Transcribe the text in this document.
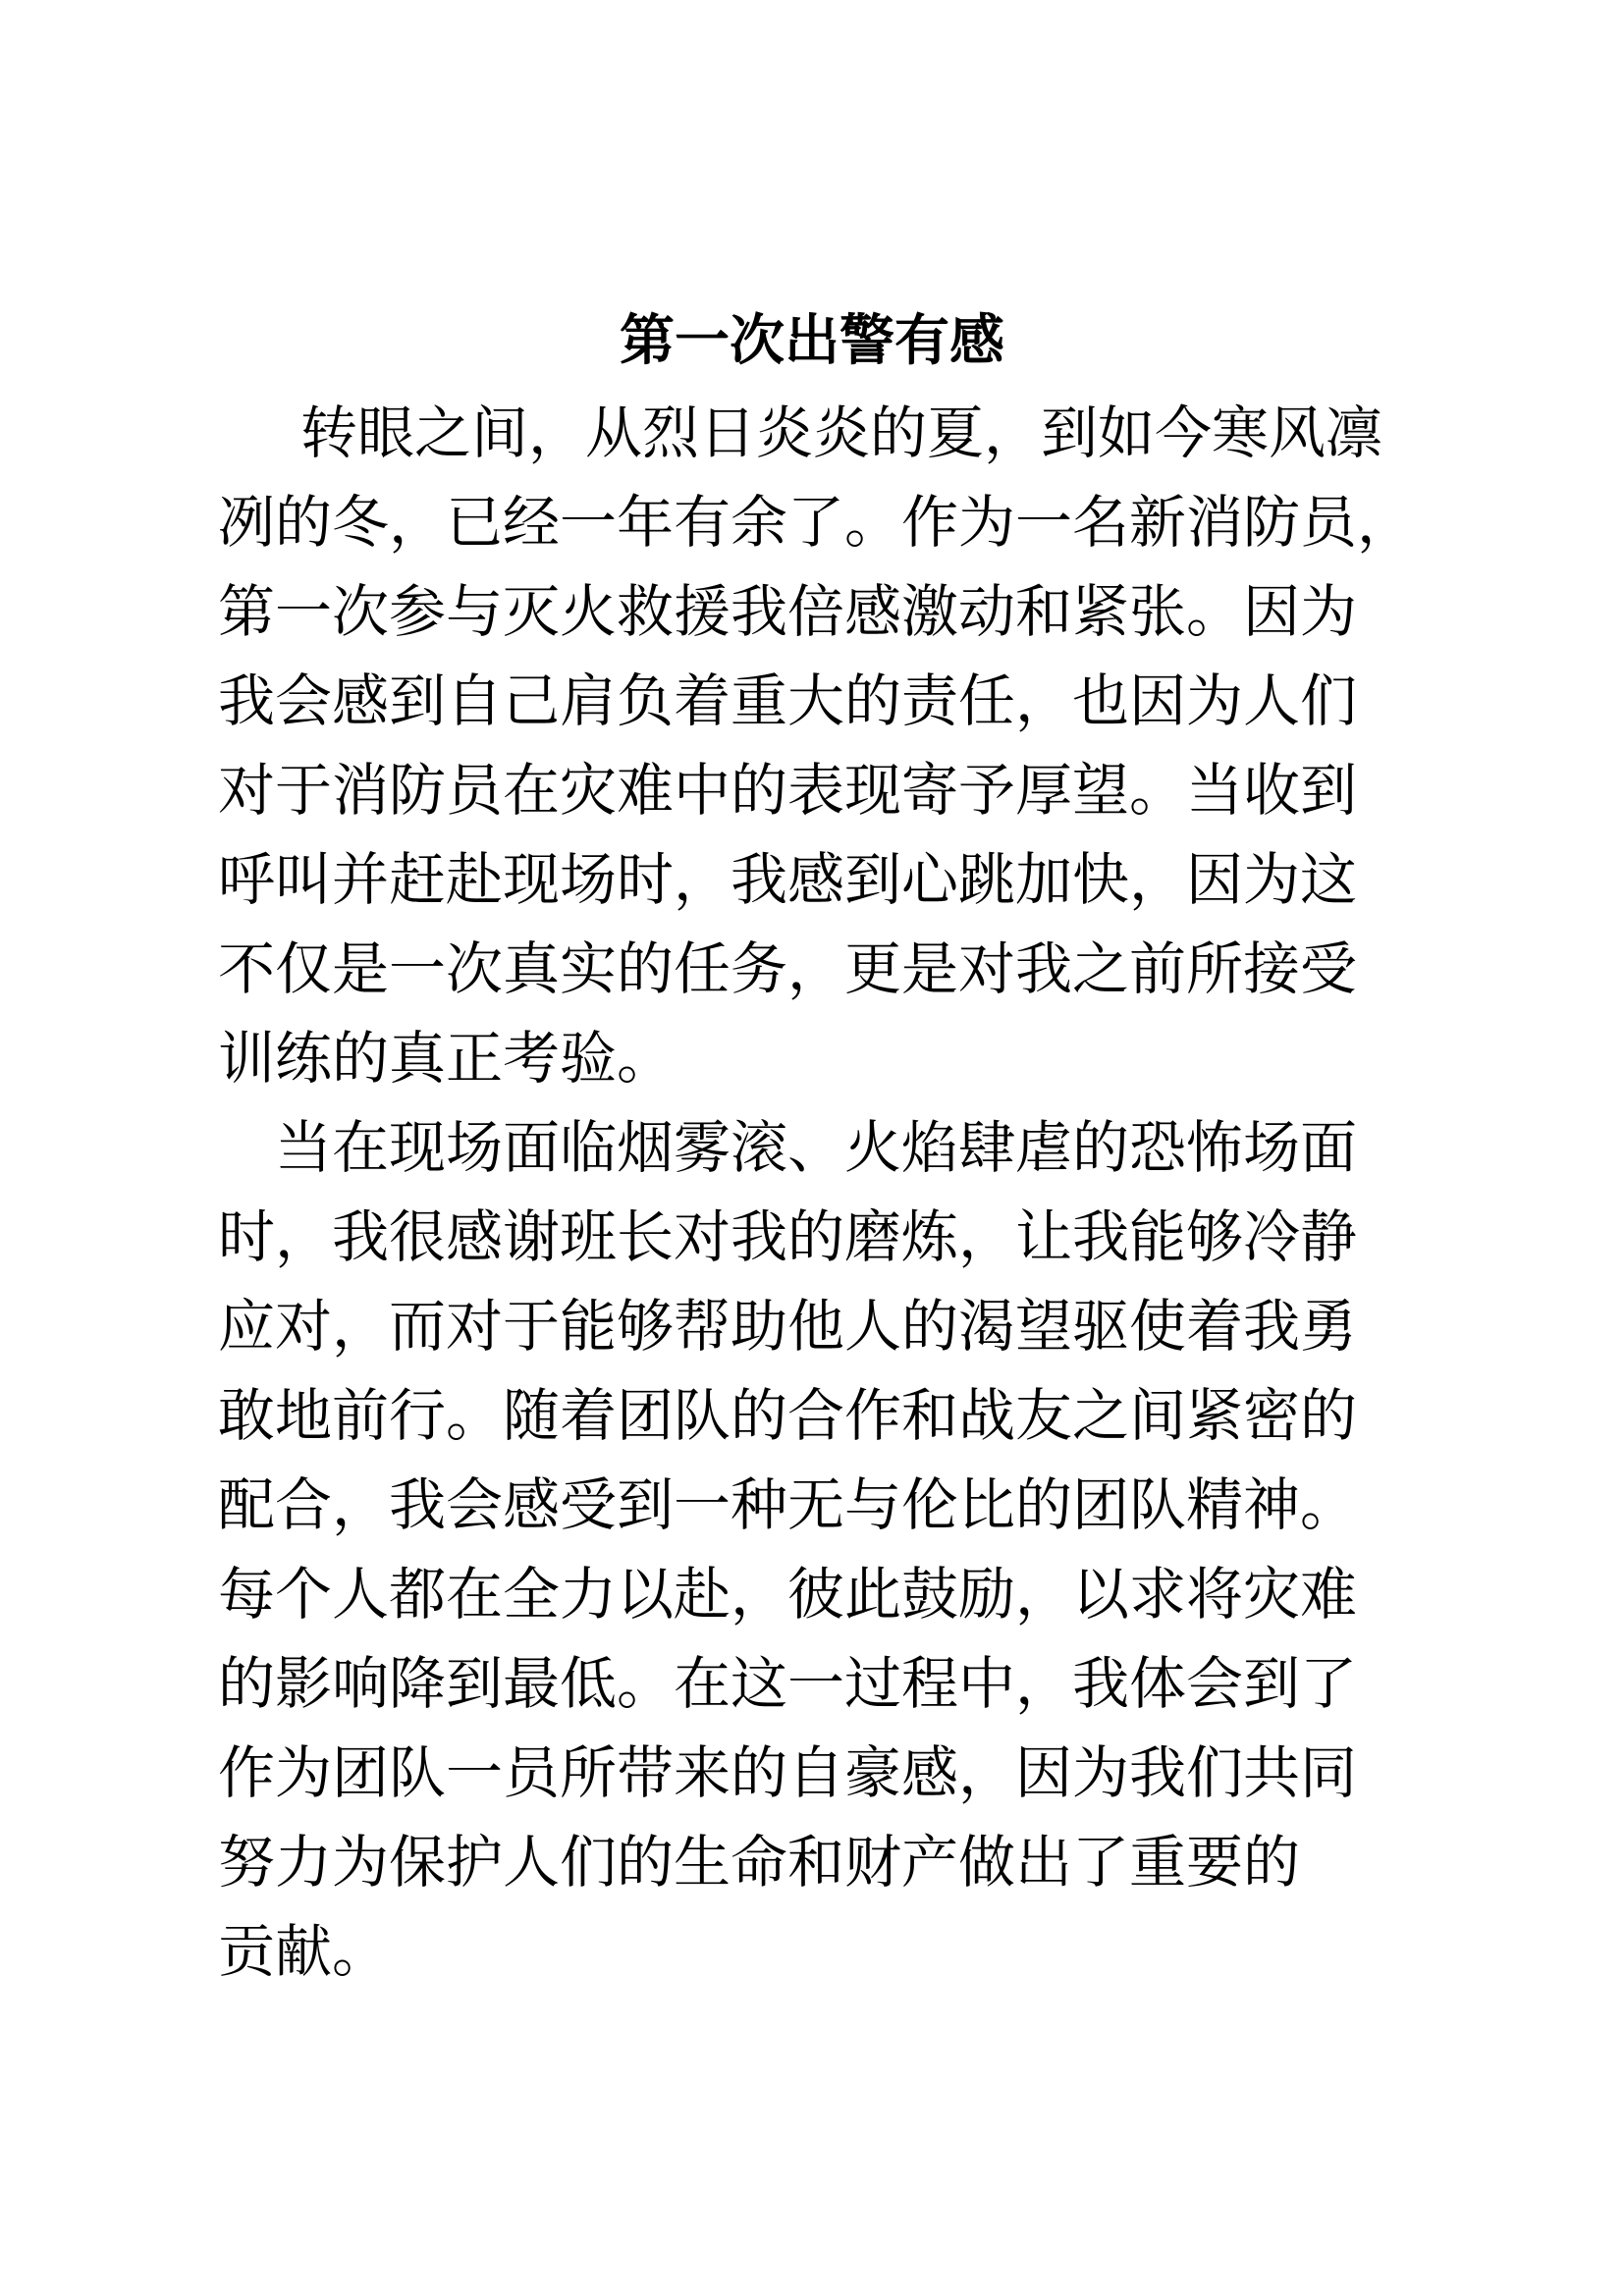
第一次出警有感
转眼之间，从烈日炎炎的夏，到如今寒风凛
冽的冬，已经一年有余了。作为一名新消防员，
第一次参与灭火救援我倍感激动和紧张。因为
我会感到自己肩负着重大的责任，也因为人们
对于消防员在灾难中的表现寄予厚望。当收到
呼叫并赶赴现场时，我感到心跳加快，因为这
不仅是一次真实的任务，更是对我之前所接受
训练的真正考验。
当在现场面临烟雾滚、火焰肆虐的恐怖场面
时，我很感谢班长对我的磨炼，让我能够冷静
应对，而对于能够帮助他人的渴望驱使着我勇
敢地前行。随着团队的合作和战友之间紧密的
配合，我会感受到一种无与伦比的团队精神。
每个人都在全力以赴，彼此鼓励，以求将灾难
的影响降到最低。在这一过程中，我体会到了
作为团队一员所带来的自豪感，因为我们共同
努力为保护人们的生命和财产做出了重要的
贡献。
